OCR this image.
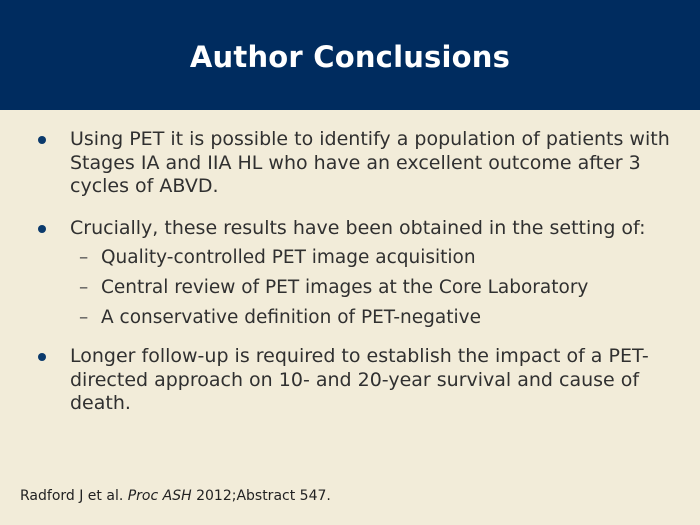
Author Conclusions
Using PET it is possible to identify a population of patients with Stages IA and IIA HL who have an excellent outcome after 3 cycles of ABVD.
Crucially, these results have been obtained in the setting of:
– Quality-controlled PET image acquisition
– Central review of PET images at the Core Laboratory
– A conservative definition of PET-negative
Longer follow-up is required to establish the impact of a PET-directed approach on 10- and 20-year survival and cause of death.
Radford J et al. Proc ASH 2012;Abstract 547.
